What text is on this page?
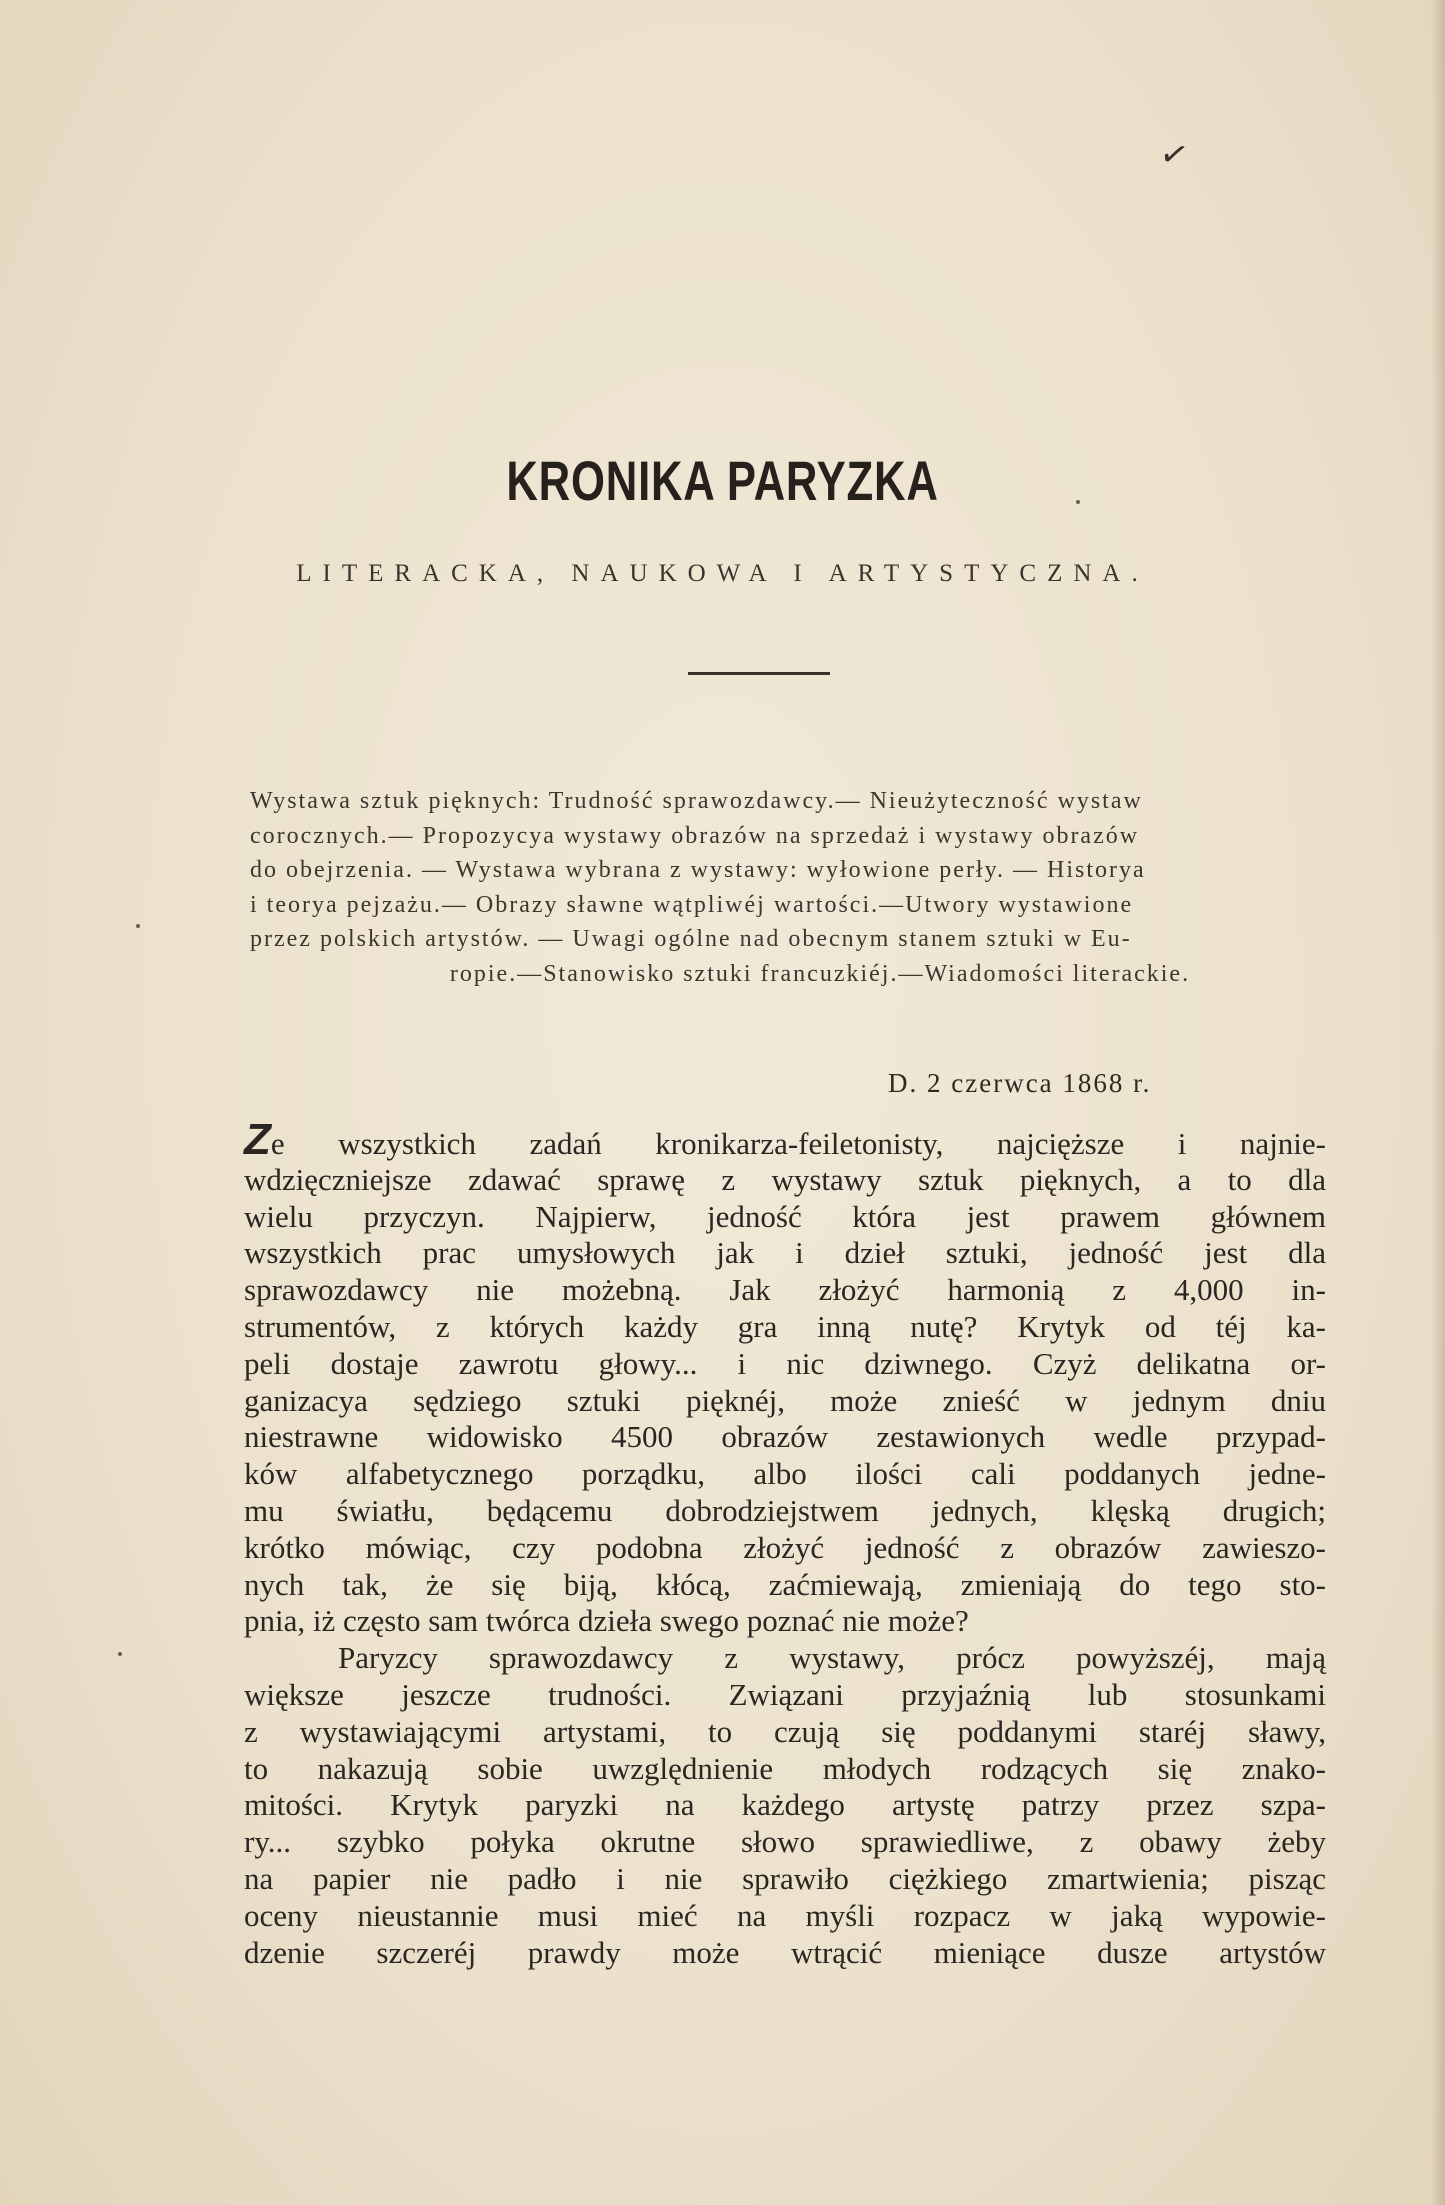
✓
KRONIKA PARYZKA
LITERACKA, NAUKOWA I ARTYSTYCZNA.
Wystawa sztuk pięknych: Trudność sprawozdawcy.— Nieużyteczność wystaw
corocznych.— Propozycya wystawy obrazów na sprzedaż i wystawy obrazów
do obejrzenia. — Wystawa wybrana z wystawy: wyłowione perły. — Historya
i teorya pejzażu.— Obrazy sławne wątpliwéj wartości.—Utwory wystawione
przez polskich artystów. — Uwagi ogólne nad obecnym stanem sztuki w Eu-
ropie.—Stanowisko sztuki francuzkiéj.—Wiadomości literackie.
D. 2 czerwca 1868 r.
Ze wszystkich zadań kronikarza-feiletonisty, najcięższe i najnie-
wdzięczniejsze zdawać sprawę z wystawy sztuk pięknych, a to dla
wielu przyczyn. Najpierw, jedność która jest prawem głównem
wszystkich prac umysłowych jak i dzieł sztuki, jedność jest dla
sprawozdawcy nie możebną. Jak złożyć harmonią z 4,000 in-
strumentów, z których każdy gra inną nutę? Krytyk od téj ka-
peli dostaje zawrotu głowy... i nic dziwnego. Czyż delikatna or-
ganizacya sędziego sztuki pięknéj, może znieść w jednym dniu
niestrawne widowisko 4500 obrazów zestawionych wedle przypad-
ków alfabetycznego porządku, albo ilości cali poddanych jedne-
mu światłu, będącemu dobrodziejstwem jednych, klęską drugich;
krótko mówiąc, czy podobna złożyć jedność z obrazów zawieszo-
nych tak, że się biją, kłócą, zaćmiewają, zmieniają do tego sto-
pnia, iż często sam twórca dzieła swego poznać nie może?
Paryzcy sprawozdawcy z wystawy, prócz powyższéj, mają
większe jeszcze trudności. Związani przyjaźnią lub stosunkami
z wystawiającymi artystami, to czują się poddanymi staréj sławy,
to nakazują sobie uwzględnienie młodych rodzących się znako-
mitości. Krytyk paryzki na każdego artystę patrzy przez szpa-
ry... szybko połyka okrutne słowo sprawiedliwe, z obawy żeby
na papier nie padło i nie sprawiło ciężkiego zmartwienia; pisząc
oceny nieustannie musi mieć na myśli rozpacz w jaką wypowie-
dzenie szczeréj prawdy może wtrącić mieniące dusze artystów
